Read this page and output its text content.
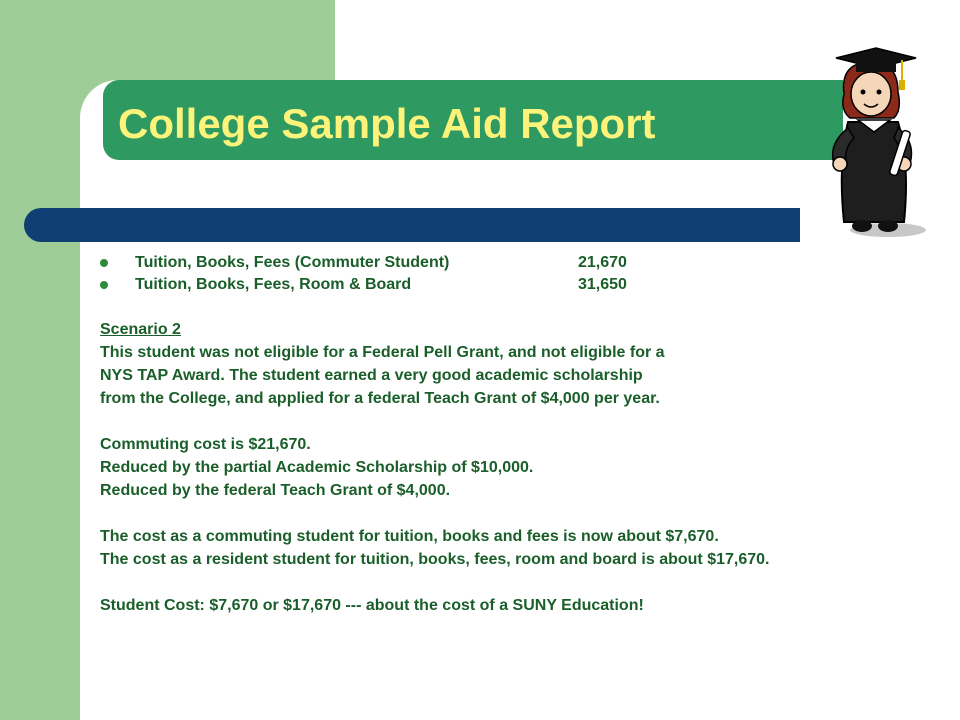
College Sample Aid Report
Tuition, Books, Fees (Commuter Student)	21,670
Tuition, Books, Fees, Room & Board	31,650

Scenario 2

This student was not eligible for a Federal Pell Grant, and not eligible for a

NYS TAP Award. The student earned a very good academic scholarship

from the College, and applied for a federal Teach Grant of $4,000 per year.

Commuting cost is $21,670.

Reduced by the partial Academic Scholarship of $10,000.

Reduced by the federal Teach Grant of $4,000.

The cost as a commuting student for tuition, books and fees is now about $7,670.

The cost as a resident student for tuition, books, fees, room and board is about $17,670.

Student Cost: $7,670 or $17,670 --- about the cost of a SUNY Education!
